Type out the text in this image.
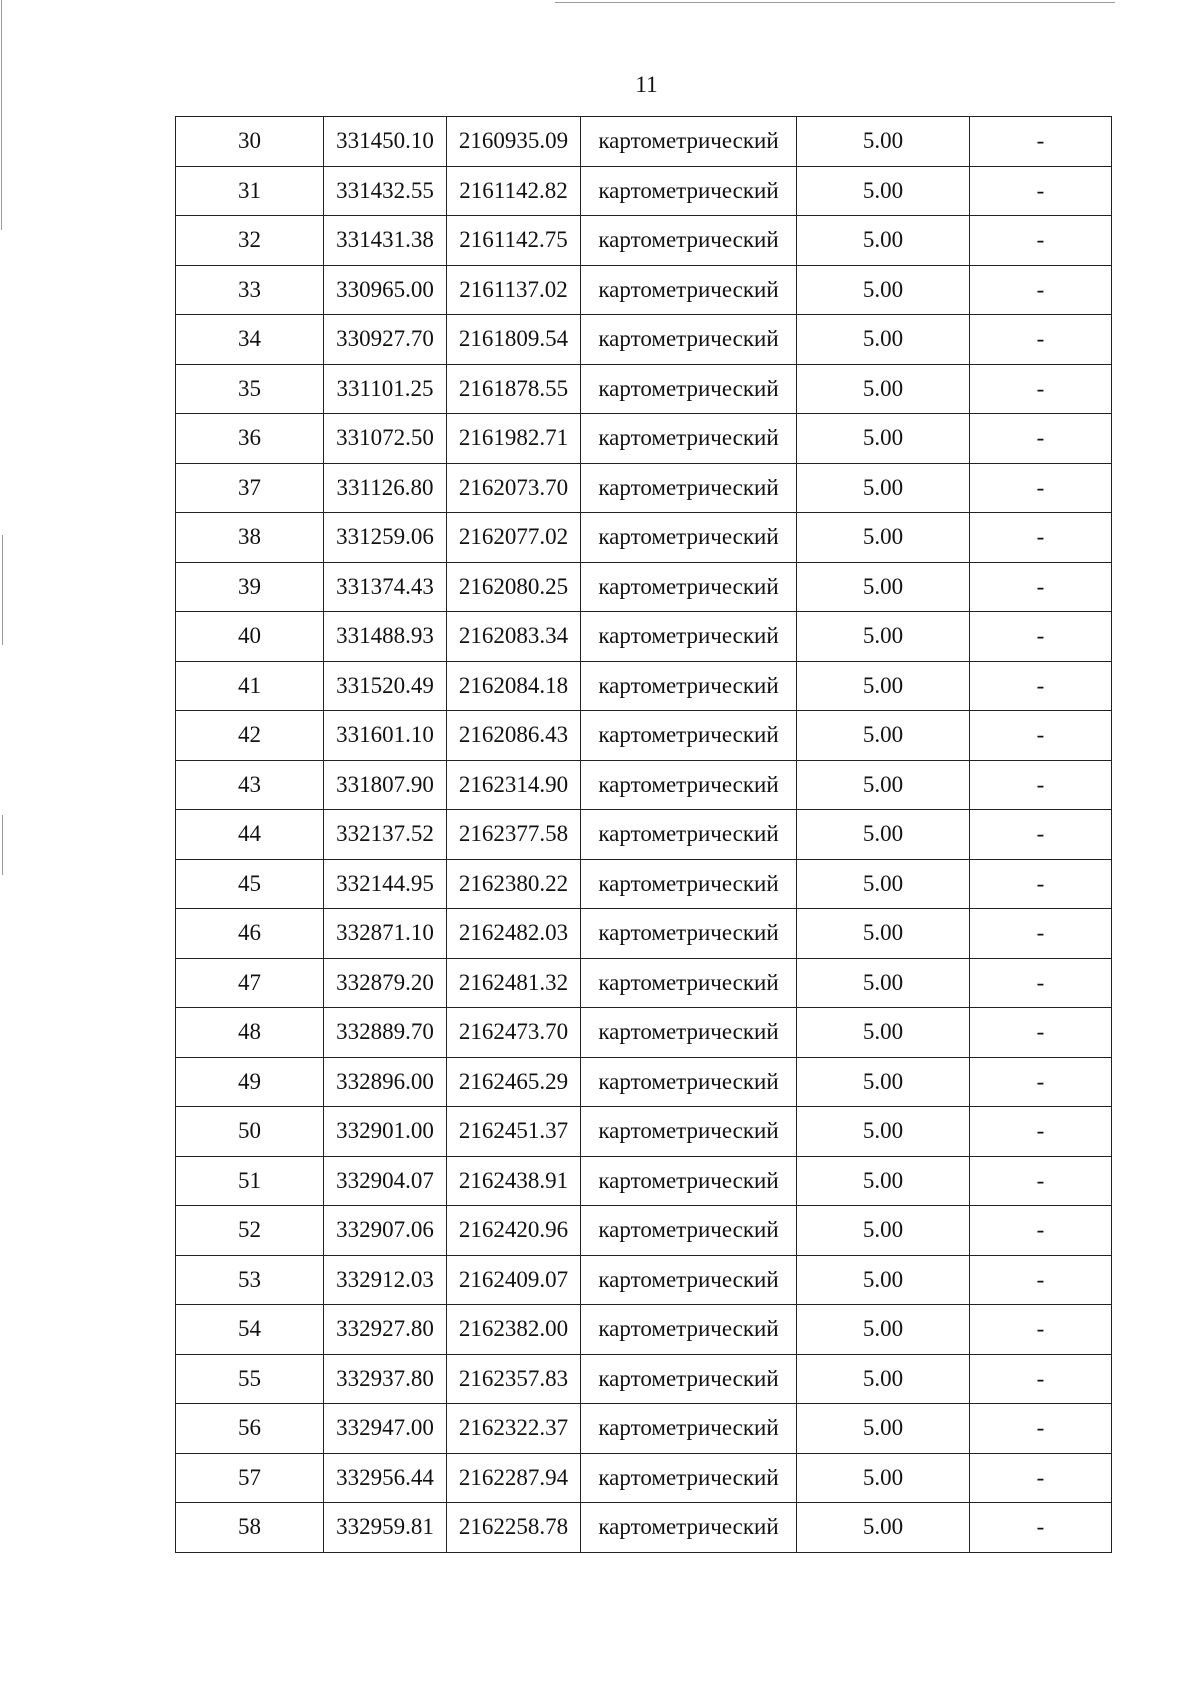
11
30	331450.10	2160935.09	картометрический	5.00	-
31	331432.55	2161142.82	картометрический	5.00	-
32	331431.38	2161142.75	картометрический	5.00	-
33	330965.00	2161137.02	картометрический	5.00	-
34	330927.70	2161809.54	картометрический	5.00	-
35	331101.25	2161878.55	картометрический	5.00	-
36	331072.50	2161982.71	картометрический	5.00	-
37	331126.80	2162073.70	картометрический	5.00	-
38	331259.06	2162077.02	картометрический	5.00	-
39	331374.43	2162080.25	картометрический	5.00	-
40	331488.93	2162083.34	картометрический	5.00	-
41	331520.49	2162084.18	картометрический	5.00	-
42	331601.10	2162086.43	картометрический	5.00	-
43	331807.90	2162314.90	картометрический	5.00	-
44	332137.52	2162377.58	картометрический	5.00	-
45	332144.95	2162380.22	картометрический	5.00	-
46	332871.10	2162482.03	картометрический	5.00	-
47	332879.20	2162481.32	картометрический	5.00	-
48	332889.70	2162473.70	картометрический	5.00	-
49	332896.00	2162465.29	картометрический	5.00	-
50	332901.00	2162451.37	картометрический	5.00	-
51	332904.07	2162438.91	картометрический	5.00	-
52	332907.06	2162420.96	картометрический	5.00	-
53	332912.03	2162409.07	картометрический	5.00	-
54	332927.80	2162382.00	картометрический	5.00	-
55	332937.80	2162357.83	картометрический	5.00	-
56	332947.00	2162322.37	картометрический	5.00	-
57	332956.44	2162287.94	картометрический	5.00	-
58	332959.81	2162258.78	картометрический	5.00	-
